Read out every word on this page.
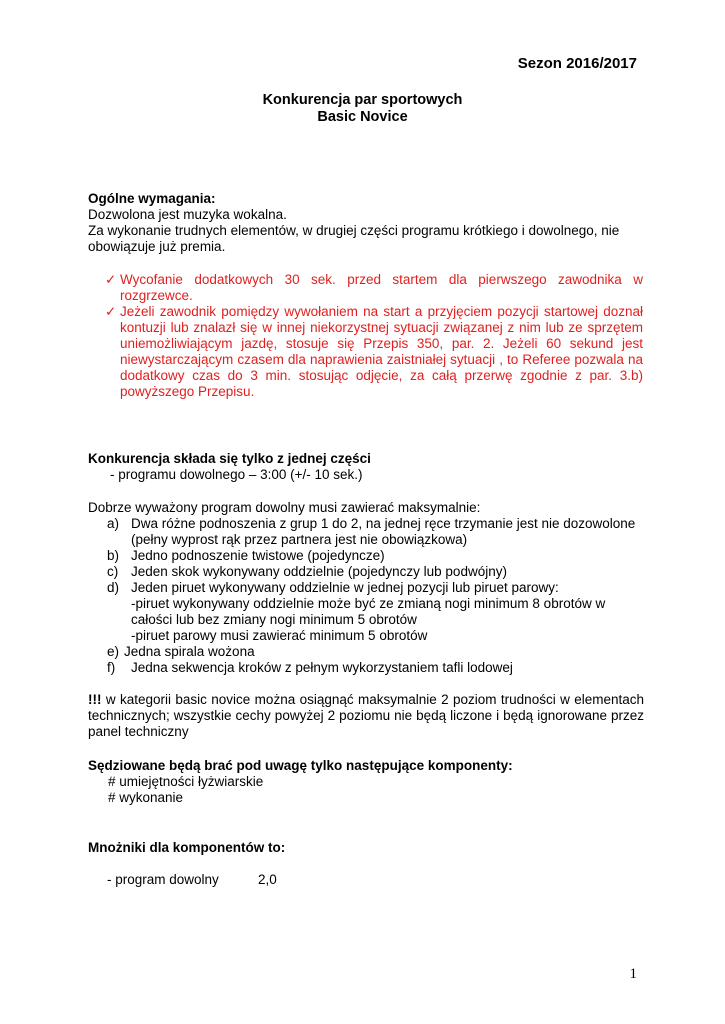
Sezon 2016/2017
Konkurencja par sportowych
Basic Novice

Ogólne wymagania:

Dozwolona jest muzyka wokalna.

Za wykonanie trudnych elementów, w drugiej części programu krótkiego i dowolnego, nie

obowiązuje już premia.

✓ Wycofanie dodatkowych 30 sek. przed startem dla pierwszego zawodnika w rozgrzewce.
✓ Jeżeli zawodnik pomiędzy wywołaniem na start a przyjęciem pozycji startowej doznał kontuzji lub znalazł się w innej niekorzystnej sytuacji związanej z nim lub ze sprzętem uniemożliwiającym jazdę, stosuje się Przepis 350, par. 2. Jeżeli 60 sekund jest niewystarczającym czasem dla naprawienia zaistniałej sytuacji , to Referee pozwala na dodatkowy czas do 3 min. stosując odjęcie, za całą przerwę zgodnie z par. 3.b) powyższego Przepisu.

Konkurencja składa się tylko z jednej części

- programu dowolnego – 3:00 (+/- 10 sek.)

Dobrze wyważony program dowolny musi zawierać maksymalnie:
a) Dwa różne podnoszenia z grup 1 do 2, na jednej ręce trzymanie jest nie dozowolone

(pełny wyprost rąk przez partnera jest nie obowiązkowa)

b) Jedno podnoszenie twistowe (pojedyncze)

c) Jeden skok wykonywany oddzielnie (pojedynczy lub podwójny)

d) Jeden piruet wykonywany oddzielnie w jednej pozycji lub piruet parowy:

-piruet wykonywany oddzielnie może być ze zmianą nogi minimum 8 obrotów w

całości lub bez zmiany nogi minimum 5 obrotów

-piruet parowy musi zawierać minimum 5 obrotów

e) Jedna spirala wożona

f) Jedna sekwencja kroków z pełnym wykorzystaniem tafli lodowej

!!! w kategorii basic novice można osiągnąć maksymalnie 2 poziom trudności w elementach technicznych; wszystkie cechy powyżej 2 poziomu nie będą liczone i będą ignorowane przez panel techniczny

Sędziowane będą brać pod uwagę tylko następujące komponenty:

# umiejętności łyżwiarskie

# wykonanie

Mnożniki dla komponentów to:
- program dowolny	2,0
1
